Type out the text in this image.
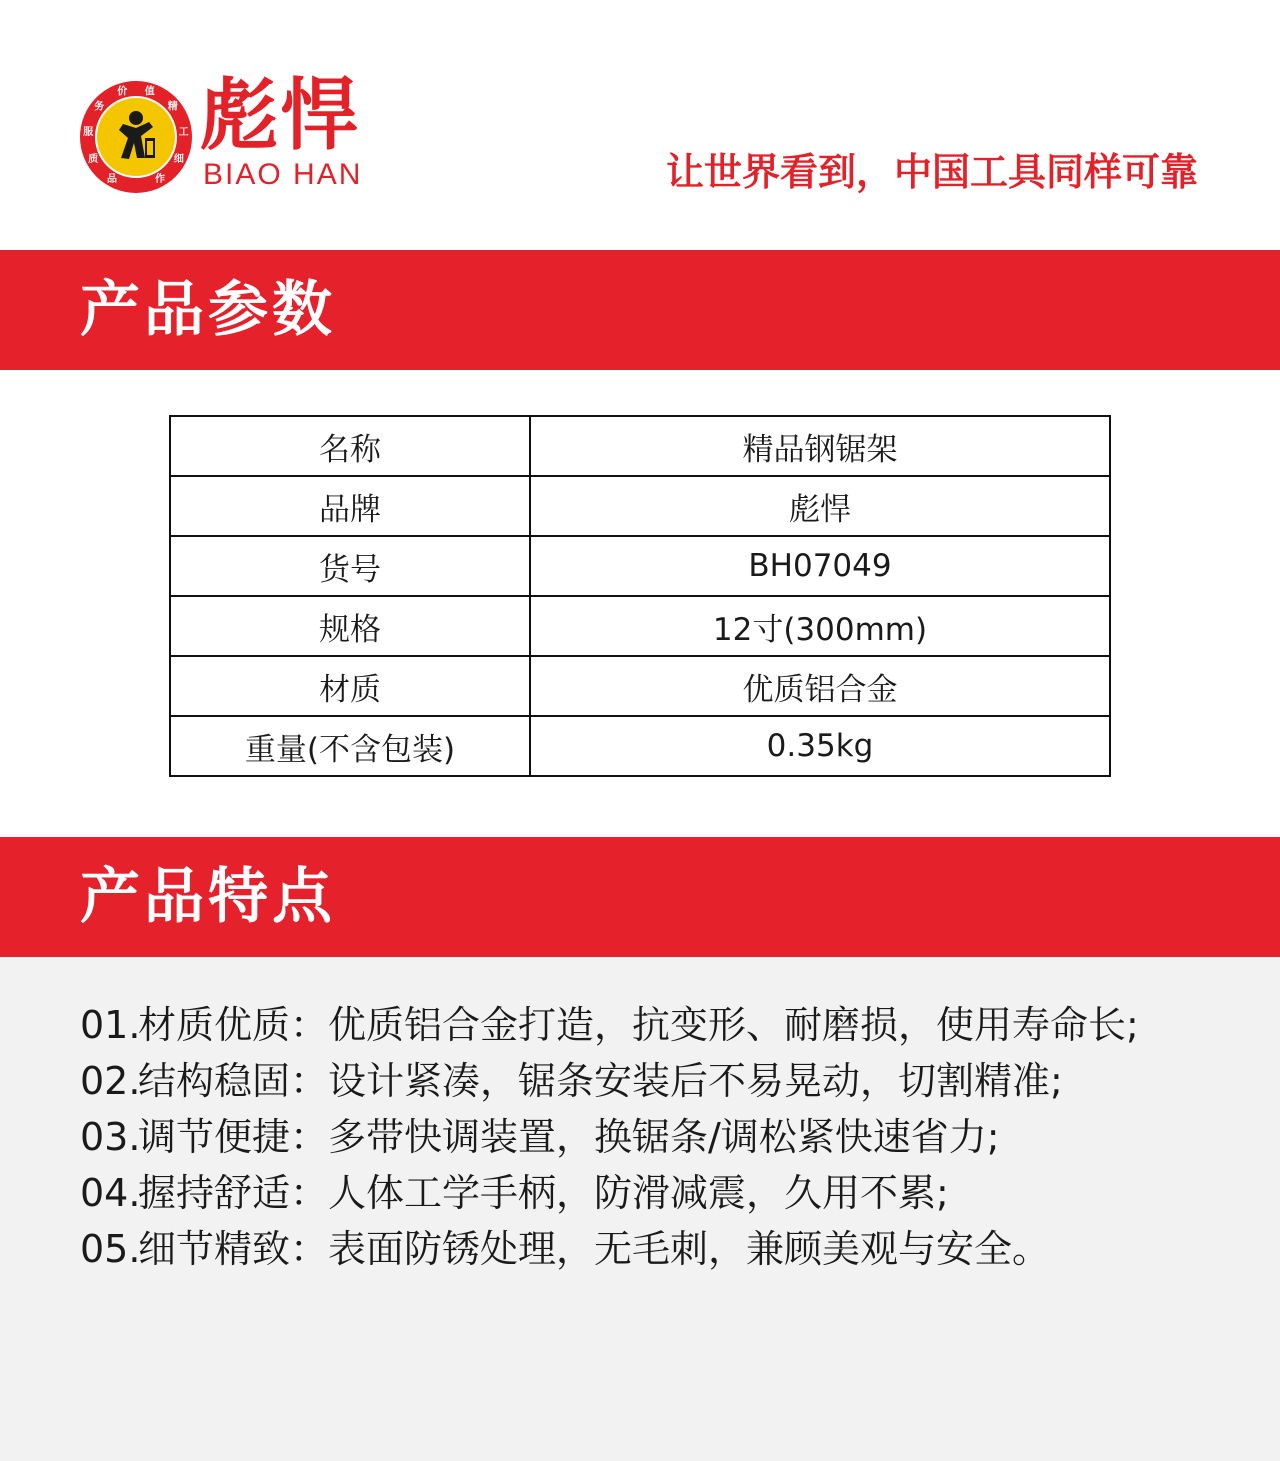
品
质
服
务
价 值
精
工
细
作
彪悍
BIAO HAN	让世界看到，中国工具同样可靠
产品参数
名称	精品钢锯架
品牌	彪悍
货号	BH07049
规格	12寸(300mm)
材质	优质铝合金
重量(不含包装)	0.35kg
产品特点
01.
材质优质：优质铝合金打造，抗变形、耐磨损，使用寿命长;
02.
结构稳固：设计紧凑，锯条安装后不易晃动，切割精准;
03.
调节便捷：多带快调装置，换锯条/调松紧快速省力;
04.
握持舒适：人体工学手柄，防滑减震，久用不累;
05.
细节精致：表面防锈处理，无毛刺，兼顾美观与安全。
